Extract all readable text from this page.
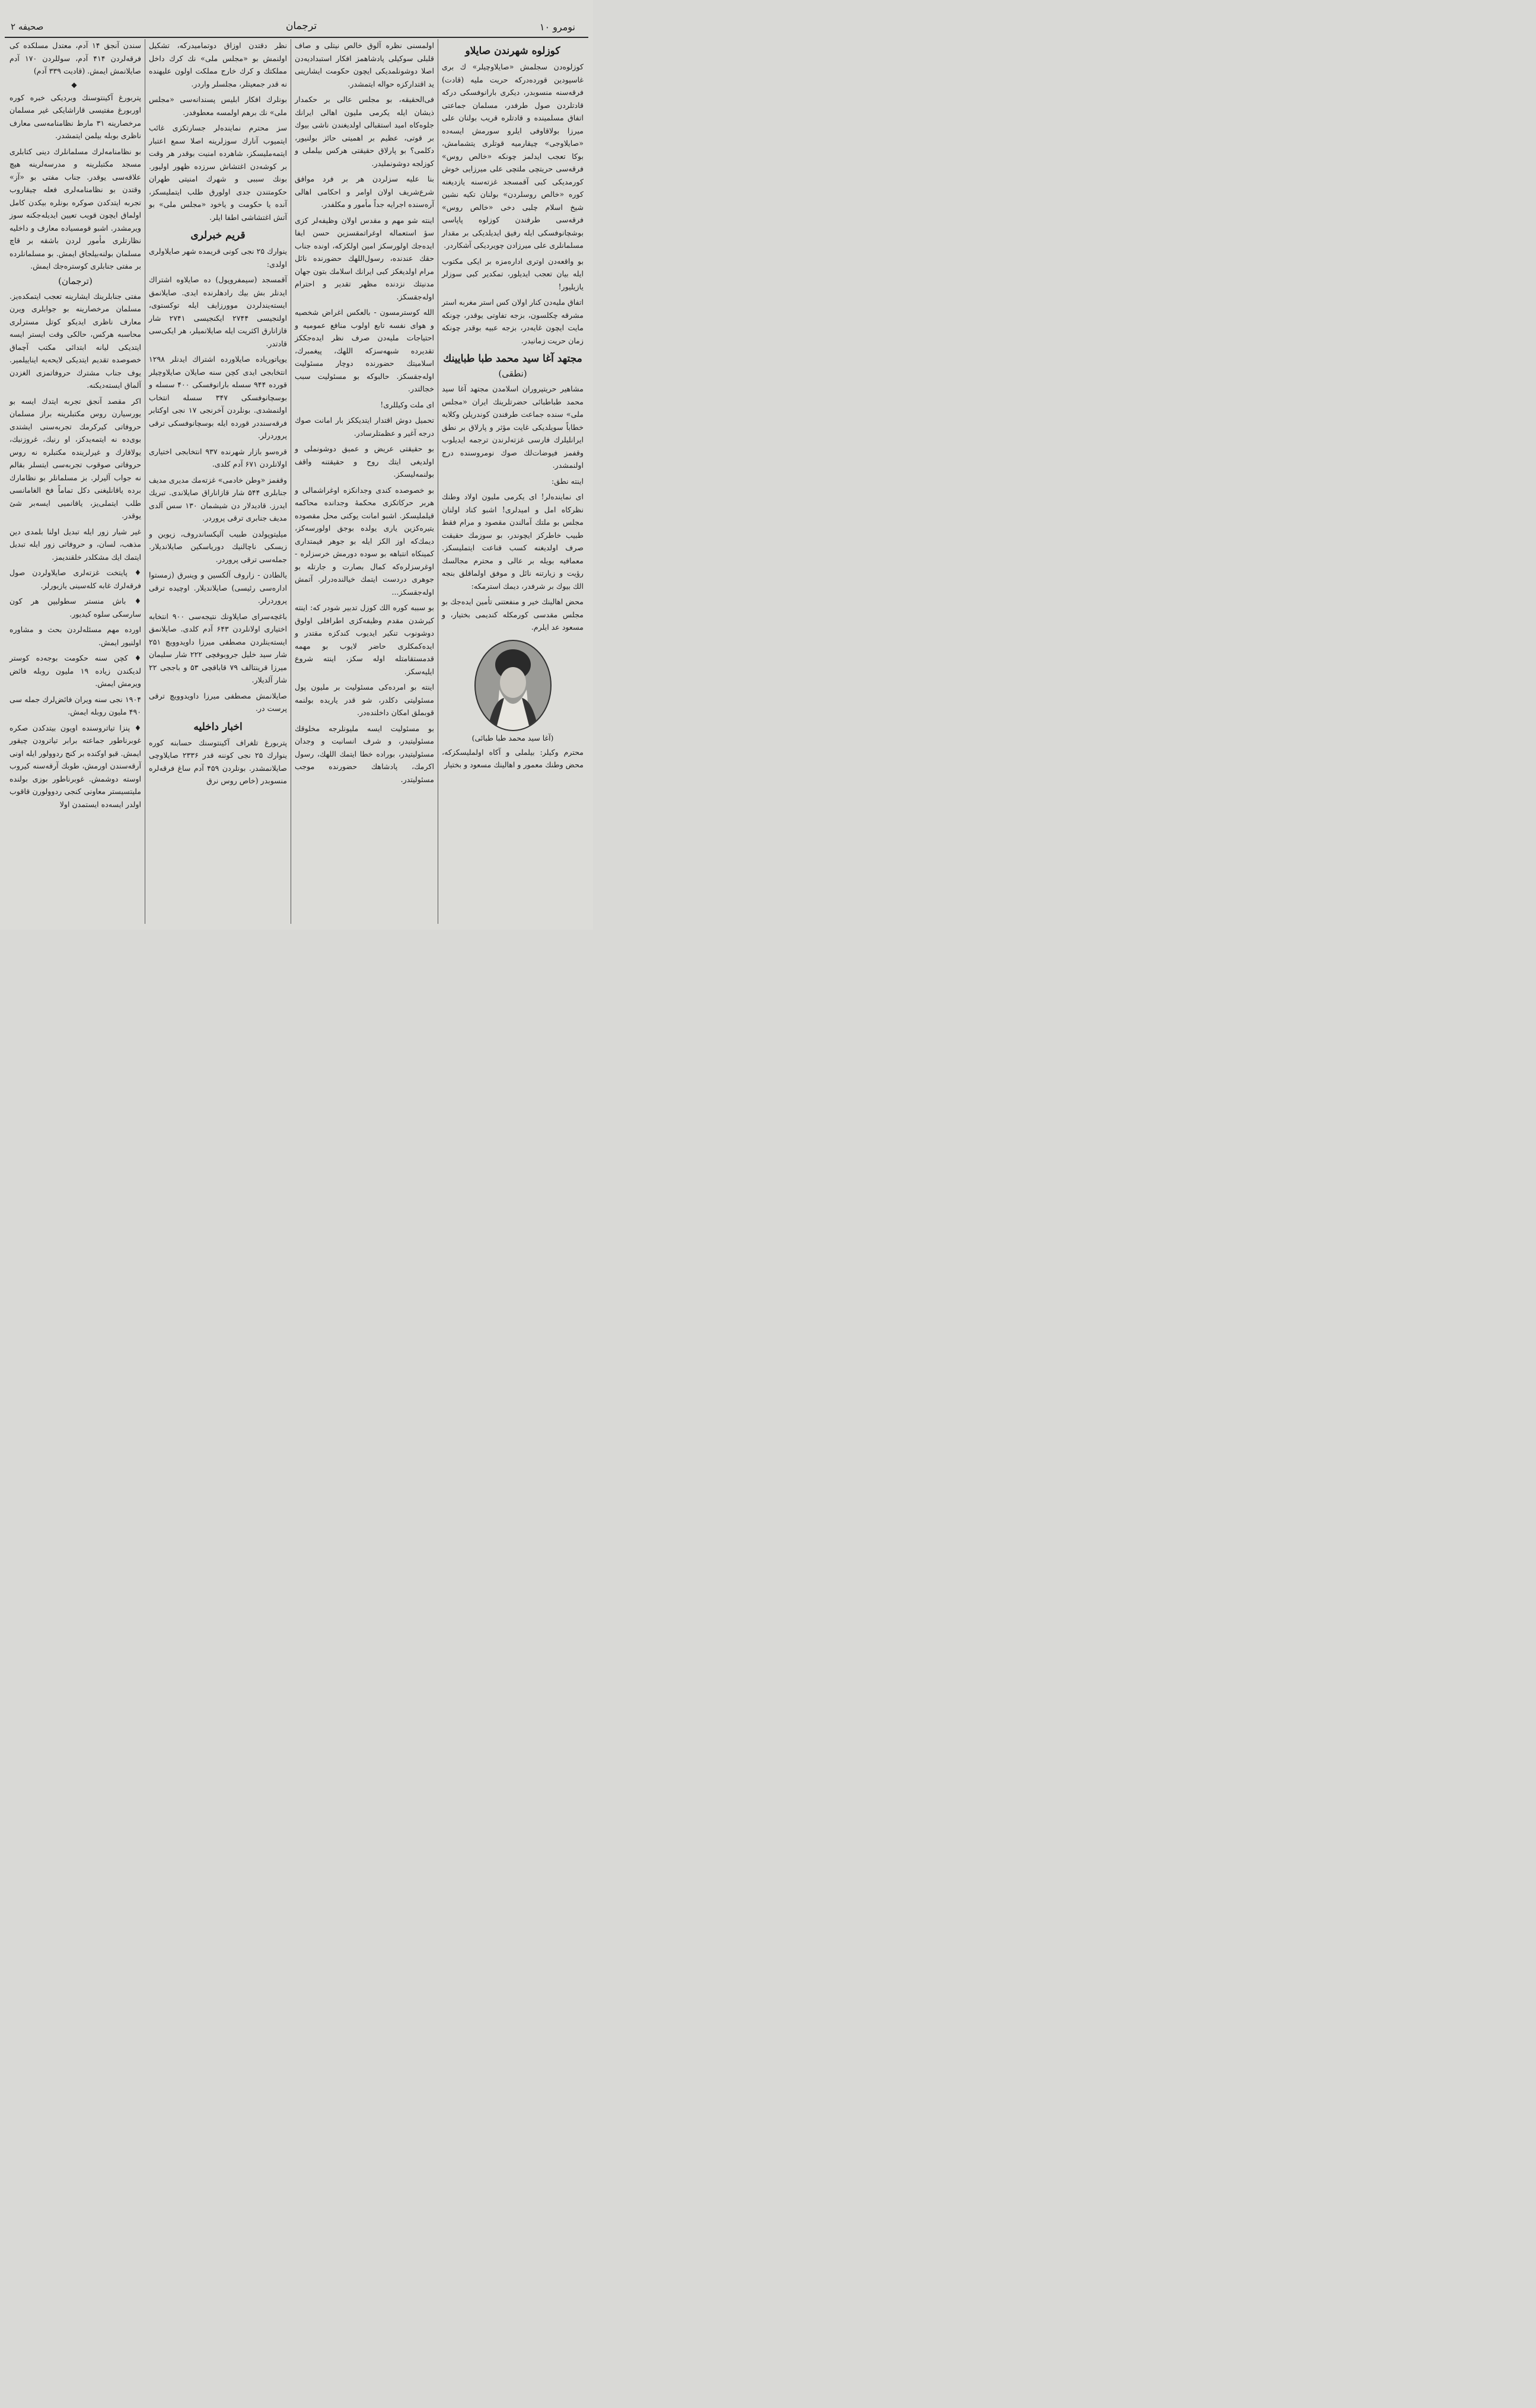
صحیفه ۲	ترجمان	نومرو ۱۰
کوزلوه شهرندن صایلاو

کوزلوه‌دن سجلمش «صایلاوچیلر» ك بری غاسپودین قورده‌درکه حریت ملیه (قادت) فرقه‌سنه منسوبدر، دیکری بارانوفسکی درکه قادتلردن صول طرفدر، مسلمان جماعتی اتفاق مسلمینده و قادتلره قریب بولنان علی میرزا بولاقاوفی ایلرو سورمش ایسه‌ده «صایلاوجی» چیقارمیه قوتلری یتشمامش، بوکا تعجب ایدلمز چونکه «خالص روس» فرقه‌سی حریتچی ملتچی علی میرزایی خوش کورمدیکی کبی آقمسجد غزته‌سنه یازدیغنه کوره «خالص روسلردن» بولنان تکیه نشین شیخ اسلام چلبی دخی «خالص روس» فرقه‌سی طرفندن کوزلوه پاپاسی بوشچانوفسکی ایله رفیق ایدیلدیکی بر مقدار مسلمانلری علی میرزادن چویردیکی آشکاردر.

بو واقعه‌دن اوتری اداره‌مزه بر ایکی مکتوب ایله بیان تعجب ایدیلور، تمکدیر کبی سوزلر یازیلیور!

اتفاق ملیه‌دن کنار اولان کس استر مغربه استر مشرقه چکلسون، بزجه تفاوتی یوقدر، چونکه مایت ایچون غایه‌در، بزجه عبیه بوقدر چونکه زمان حریت زمانیدر.

مجتهد آغا سید محمد طبا طبایینك
(نطقی)

مشاهیر حریتپروران اسلامدن مجتهد آغا سید محمد طباطبائی حضرتلرینك ایران «مجلس ملی» سنده جماعت طرفندن کوندریلن وکلایه خطاباً سویلدیکی غایت مؤثر و پارلاق بر نطق ایرانلیلرك فارسی غزته‌لرندن ترجمه ایدیلوب وقفمز فیوضات‌لك صوك نومروسنده درج اولنمشدر.

اینته نطق:

ای نماینده‌لر! ای یکرمی ملیون اولاد وطنك نظرکاه امل و امیدلری! اشبو کناد اولنان مجلس بو ملتك آمالندن مقصود و مرام فقط طبیب خاطرکز ایچوندر، بو سوزمك حقیقت صرف اولدیغنه کسب قناعت ایتملیسکز. معمافیه بویله بر عالی و محترم مجالسك رؤیت و زیارتنه نائل و موفق اولماقلق بنجه الك بیوك بر شرفدر، دیمك استرمکه:

محض اهالینك خیر و منفعتنی تأمین ایده‌جك بو مجلس مقدسی کورمکله کندیمی بختیار، و مسعود عد ایلرم.

(آغا سید محمد طبا طبائی)

محترم وکیلر: بیلملی و آکاه اولملیسکزکه، محض وطنك معمور و اهالینك مسعود و بختیار

اولمسنی نظره آلوق خالص نیتلی و صاف قلبلی سوکیلی پادشاهمز افکار استبدادیه‌دن اصلا دوشونلمدیکی ایچون حکومت ایشارینی ید اقتدارکزه حواله ایتمشدر.

فی‌الحقیقه، بو مجلس عالی بر حکمدار ذیشان ایله یکرمی ملیون اهالی ایرانك جلوه‌کاه امید استقبالی اولدیغندن ناشی بیوك بر قوتی، عظیم بر اهمیتی حائز بولنیور، دکلمی؟ بو پارلاق حقیقتی هرکس بیلملی و کوزلجه دوشونملیدر.

بنا علیه سزلردن هر بر فرد موافق شرع‌شریف اولان اوامر و احکامی اهالی آره‌سنده اجرایه جداً مأمور و مکلفدر.

اینته شو مهم و مقدس اولان وظیفه‌لر کزی سؤ استعماله اوغراتمقسزین حسن ایفا ایده‌جك اولورسکز امین اولکزکه، اونده جناب حقك عندنده، رسول‌اللهك حضورنده نائل مرام اولدیغکز کبی ایرانك اسلامك بتون جهان مدنیتك نزدنده مظهر تقدیر و احترام اوله‌جقسکز.

الله کوسترمسون - بالعکس اغراض شخصیه و هوای نفسه تابع اولوب منافع عمومیه و احتیاجات ملیه‌دن صرف نظر ایده‌جککز تقدیرده شبهه‌سزکه اللهك، پیغمبرك، اسلامیتك حضورنده دوچار مسئولیت اوله‌جقسکز. حالبوکه بو مسئولیت سبب خجالتدر.

ای ملت وکیللری!

تحمیل دوش اقتدار ایتدیککز بار امانت صوك درجه آغیر و عظمتلرسادر.

بو حقیقتی عریض و عمیق دوشونملی و اولدیغی ایتك روح و حقیقتنه واقف بولنمه‌لیسکز.

بو خصوصده کندی وجدانکزه اوغراشمالی و هربر حرکاتکزی محکمهٔ وجدانده محاکمه قیلملیسکز. اشبو امانت یوکنی محل مقصوده یتیره‌کزین یاری یولده بوجق اولورسه‌کز، دیمك‌که اوز الکز ایله بو جوهر قیمتداری کمینکاه انتباهه بو سوده دورمش خرسزلره - اوغرسزلره‌که کمال بصارت و جارتله بو جوهری دردست ایتمك خیالنده‌درلر. آتمش اوله‌جقسکز...

بو سببه کوره الك کوزل تدبیر شودر که: اینته کیرشدن مقدم وظیفه‌کزی اطرافلی اولوق دوشونوب تنکیر ایدیوب کندکزه مقتدر و ایده‌کمکلری حاضر لایوب بو مهمه قدمستقامتله اوله سکز، اینته شروع ایلیه‌سکز.

اینته بو امرده‌کی مسئولیت بر ملیون پول مسئولیتی دکلدر، شو قدر یاریده بولنمه قوبملق امکان داخلنده‌در.

بو مسئولیت ایسه ملیونلرجه مخلوقك مسئولیتیدر، و شرف انسانیت و وجدان مسئولیتیدر، بوراده خطا ایتمك اللهك، رسول اکرمك، پادشاهك حضورنده موجب مسئولیتدر.

نظر دقتدن اوزاق دوتمامیدرکه، تشکیل اولنمش بو «مجلس ملی» نك کرك داخل مملکتك و کرك خارج مملکت اولون علیهنده نه قدر جمعیتلر، مجلسلر واردر.

بونلرك افکار ابلیس پسندانه‌سی «مجلس ملی» نك برهم اولمسه معطوفدر.

سز محترم نماینده‌لر جسارتکزی غائب ایتمیوب آنارك سوزلرینه اصلا سمع اعتبار ایتمه‌ملیسکز، شاهرده امنیت بوقدر هر وقت بر کوشه‌دن اغتشاش سرزده ظهور اولیور. بونك سببی و شهرك امنیتی طهران حکومتندن جدی اولورق طلب ایتملیسکز، آنده یا حکومت و یاخود «مجلس ملی» بو آتش اغتشاشی اطفا ایلر.

قریم خبرلری

ینوارك ۲۵ نجی کونی قریمده شهر صایلاولری اولدی:

آقمسجد (سیمفروپول) ده صایلاوه اشتراك ایدنلر بش بیك رادهلرنده ایدی. صایلانمق ایسته‌یندلردن موورزایف ایله توکستوی، اولنجیسی ۲۷۴۴ ایکنجیسی ۲۷۴۱ شار قازانارق اکثریت ایله صایلانمیلر، هر ایکی‌سی قادتدر.

یوپاتوریاده صایلاورده اشتراك ایدنلر ۱۲۹۸ انتخابجی ایدی کچن سنه صایلان صایلاوچیلر قورده ۹۴۴ سسله بارانوفسکی ۴۰۰ سسله و بوسچانوفسکی ۳۴۷ سسله انتخاب اولنمشدی. بونلردن آخرنجی ۱۷ نجی اوکتابر فرقه‌سنددر قورده ایله بوسچانوفسکی ترقی پروردرلر.

قره‌سو بازار شهرنده ۹۳۷ انتخابجی اختیاری اولانلردن ۶۷۱ آدم کلدی.

وقفمز «وطن خادمی» غزته‌مك مدیری مدیف جنابلری ۵۴۴ شار قازاناراق صایلاندی. تبریك ایدرز. قادیدلار دن شیشمان ۱۳۰ سس آلدی مدیف جنابری ترقی پروردر.

میلیتوپولدن طبیب آلیکساندروف، زیوین و زیسکی ناچالنیك دوریاسکین صایلاندیلار. جمله‌سی ترقی پروردر.

یالطادن - زاروف آلکسین و وینبرق (زمستوا اداره‌سی رئیسی) صایلاندیلار. اوچیده ترقی پروردرلر.

باغچه‌سرای صایلاونك نتیجه‌سی ۹۰۰ انتخابه اختیاری اولانلردن ۶۴۳ آدم کلدی. صایلانمق ایسته‌ینلردن مصطفی میرزا داویدوویچ ۲۵۱ شار سید خلیل جروبوفچی ۲۲۲ شار سلیمان میرزا قرینتالف ۷۹ قاباقچی ۵۳ و باججی ۲۲ شار آلدیلار.

صایلانمش مصطفی میرزا داویدوویچ ترقی پرست در.

اخبار داخلیه

پتربورغ تلغراف آکینتوسنك حسابنه کوره ینوارك ۲۵ نجی کوننه قدر ۲۳۳۶ صایلاوچی صایلانمشدر. بونلردن ۴۵۹ آدم ساغ فرقه‌لره منسوبدر (خاص روس نرق

سندن آنجق ۱۴ آدم، معتدل مسلکده کی فرقه‌لردن ۴۱۴ آدم، سوللردن ۱۷۰ آدم صایلانمش ایمش. (قادیت ۳۳۹ آدم)

◆

پتربورغ آکینتوسنك وبردیکی خبره کوره اوربورغ مفتیسی قاراشایکی غیر مسلمان مرخصارینه ۳۱ مارط نظامنامه‌سی معارف ناظری بوبله بیلمن ایتمشدر.

بو نظامنامه‌لرك مسلمانلرك دینی کتابلری مسجد مکتبلرینه و مدرسه‌لرینه هیچ علاقه‌سی یوقدر. جناب مفتی بو «آز» وقتدن بو نظامنامه‌لری فعله چیقاروب تجربه ایتدکدن صوکره بونلره بیکدن کامل اولماق ایچون قویب تعیین ایدیله‌جکنه سوز ویرمشدر. اشبو قومسیاده معارف و داخلیه نظارتلری مأمور لردن باشقه بر قاچ مسلمان بولنه‌بیلجاق ایمش. بو مسلمانلرده بر مفتی جنابلری کوستره‌جك ایمش.

(ترجمان)

مفتی جنابلرینك ایشارینه تعجب ایتمکده‌یز. مسلمان مرخصارینه بو جوابلری ویرن معارف ناظری ایدیکو کوتل مسترلری محاسبه هرکس، حالکی وقت ایستر ایسه ایتدیکی لیانه ابتدائی مکتب آچماق خصوصده تقدیم ایتدیکی لایحه‌یه ایناییلمیر. یوف جناب مشترك حروفاتمزی الغزدن آلماق ایسته‌دیکنه.

اکر مقصد آنجق تجربه ایتدك ایسه بو یورسیارن روس مکتبلرینه براز مسلمان حروفاتی کیرکرمك تجربه‌سنی ایشتدی بوی‌ده‌ نه ایتمه‌یدکز، او رنیك، غروزنیك، یولاقارك و غیرلرینده مکتبلره نه روس حروفاتی صوقوب تجربه‌سی ایتسلر بقالم نه جواب آلیرلر. بز مسلمانلر بو نظامارك برده یاقانلیغنی دکل تماماً فخ الغامانسی طلب ایتملی‌یز، یاقانمیی ایسه‌بر شئ یوقدر.

غیر شیار زور ایله تبدیل اولنا بلمدی دین مذهب، لسان، و حروفاتی زور ایله تبدیل ایتمك ایك مشکلدر خلقندیمز.

♦ پایتخت غزته‌لری صایلاولردن صول فرقه‌لرك غابه کله‌سینی یازیورلر.

♦ باش منستر سطولیپن هر کون سارسکی سلوه کیدیور.

اورده مهم مسئله‌لردن بحث و مشاوره اولنیور ایمش.

♦ کچن سنه حکومت بوجه‌ده کوستر لدیکندن زیاده ۱۹ ملیون روبله فائض ویرمش ایمش.

۱۹۰۴ نجی سنه ویران فائض‌لرك جمله سی ۴۹۰ ملیون روبله ایمش.

♦ پنزا تیاتروسنده اویون بیتدکدن صکره غوبرناطور جماعته برابر تیاترودن چیقور ایمش. قبو اوکنده بر کنج ردوولور ایله اونی آرقه‌سندن اورمش، طوبك آرقه‌سنه کیروب اوسته دوشمش. غوبرناطور بوزی بولنده ملیتسیستر معاونی کنجی ردوولورن قاقوب اولدر ایسه‌ده ایستمدن اولا
